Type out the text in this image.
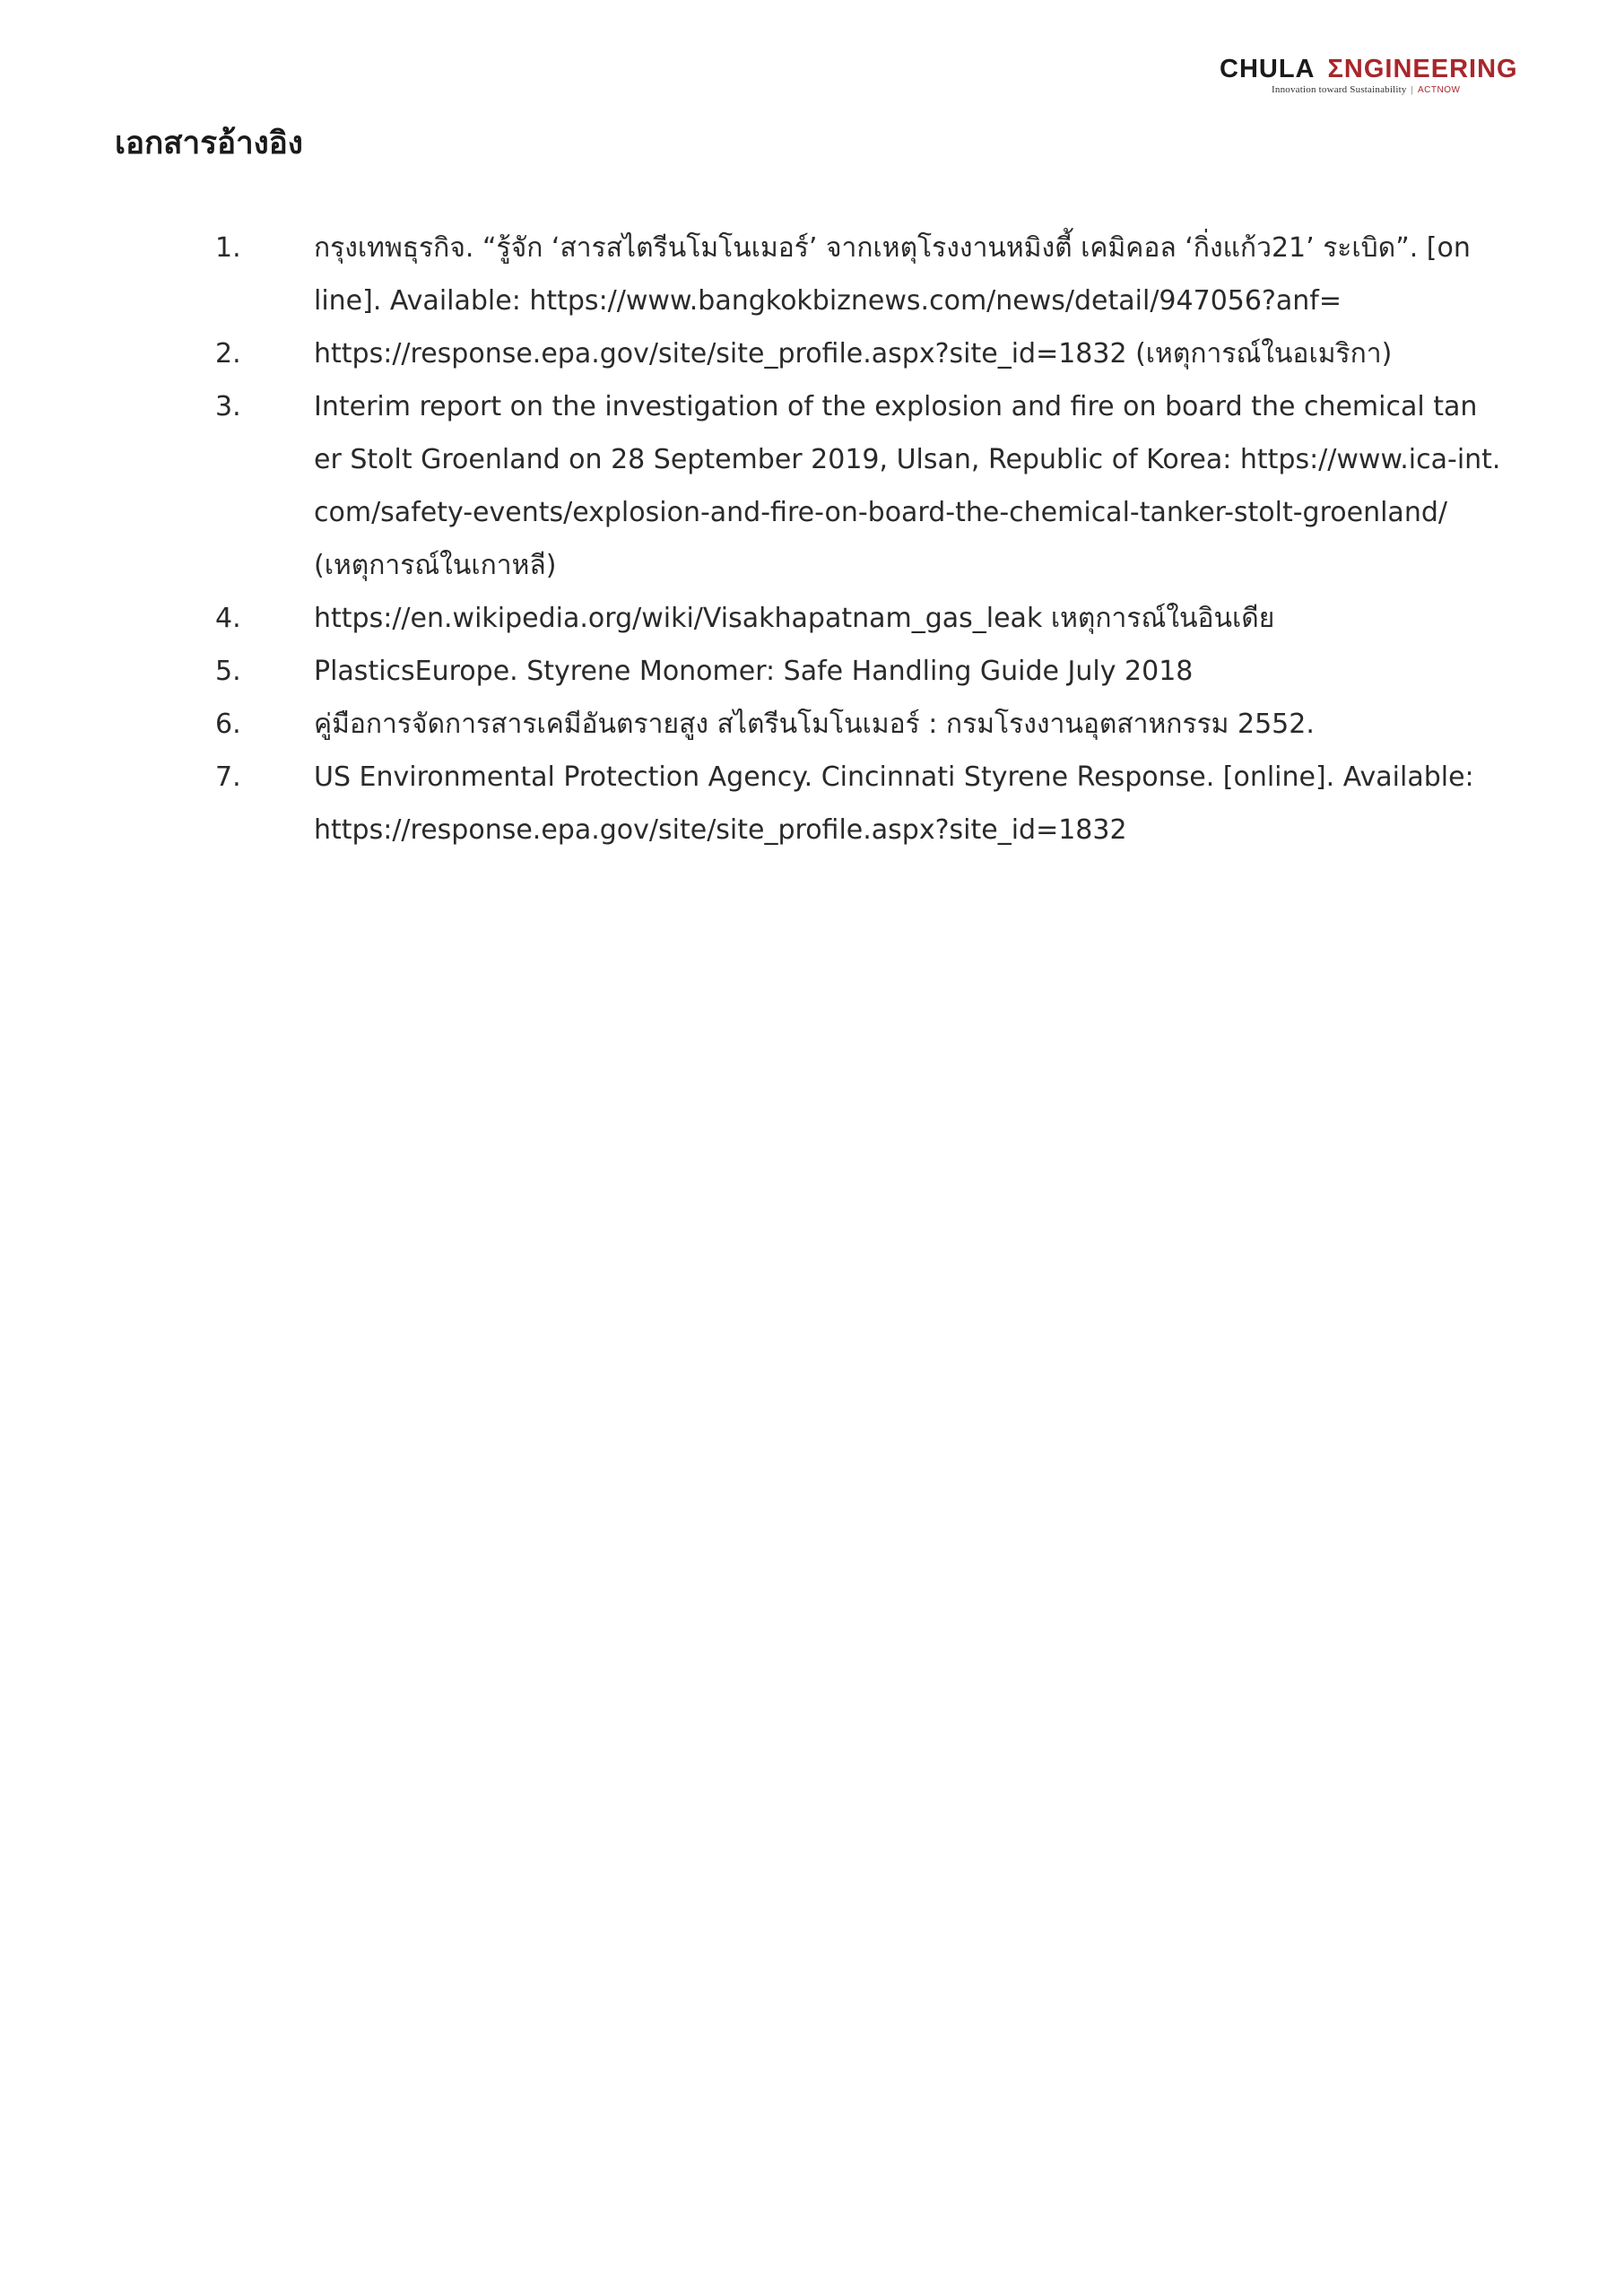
CHULA ΣNGINEERING
Innovation toward Sustainability | ACTNOW
เอกสารอ้างอิง
1.	กรุงเทพธุรกิจ. “รู้จัก ‘สารสไตรีนโมโนเมอร์’ จากเหตุโรงงานหมิงตี้ เคมิคอล ‘กิ่งแก้ว21’ ระเบิด”. [on
line]. Available: https://www.bangkokbiznews.com/news/detail/947056?anf=
2.	https://response.epa.gov/site/site_profile.aspx?site_id=1832 (เหตุการณ์ในอเมริกา)
3.	Interim report on the investigation of the explosion and fire on board the chemical tan
er Stolt Groenland on 28 September 2019, Ulsan, Republic of Korea: https://www.ica-int.
com/safety-events/explosion-and-fire-on-board-the-chemical-tanker-stolt-groenland/
(เหตุการณ์ในเกาหลี)
4.	https://en.wikipedia.org/wiki/Visakhapatnam_gas_leak เหตุการณ์ในอินเดีย
5.	PlasticsEurope. Styrene Monomer: Safe Handling Guide July 2018
6.	คู่มือการจัดการสารเคมีอันตรายสูง สไตรีนโมโนเมอร์ : กรมโรงงานอุตสาหกรรม 2552.
7.	US Environmental Protection Agency. Cincinnati Styrene Response. [online]. Available:
https://response.epa.gov/site/site_profile.aspx?site_id=1832
